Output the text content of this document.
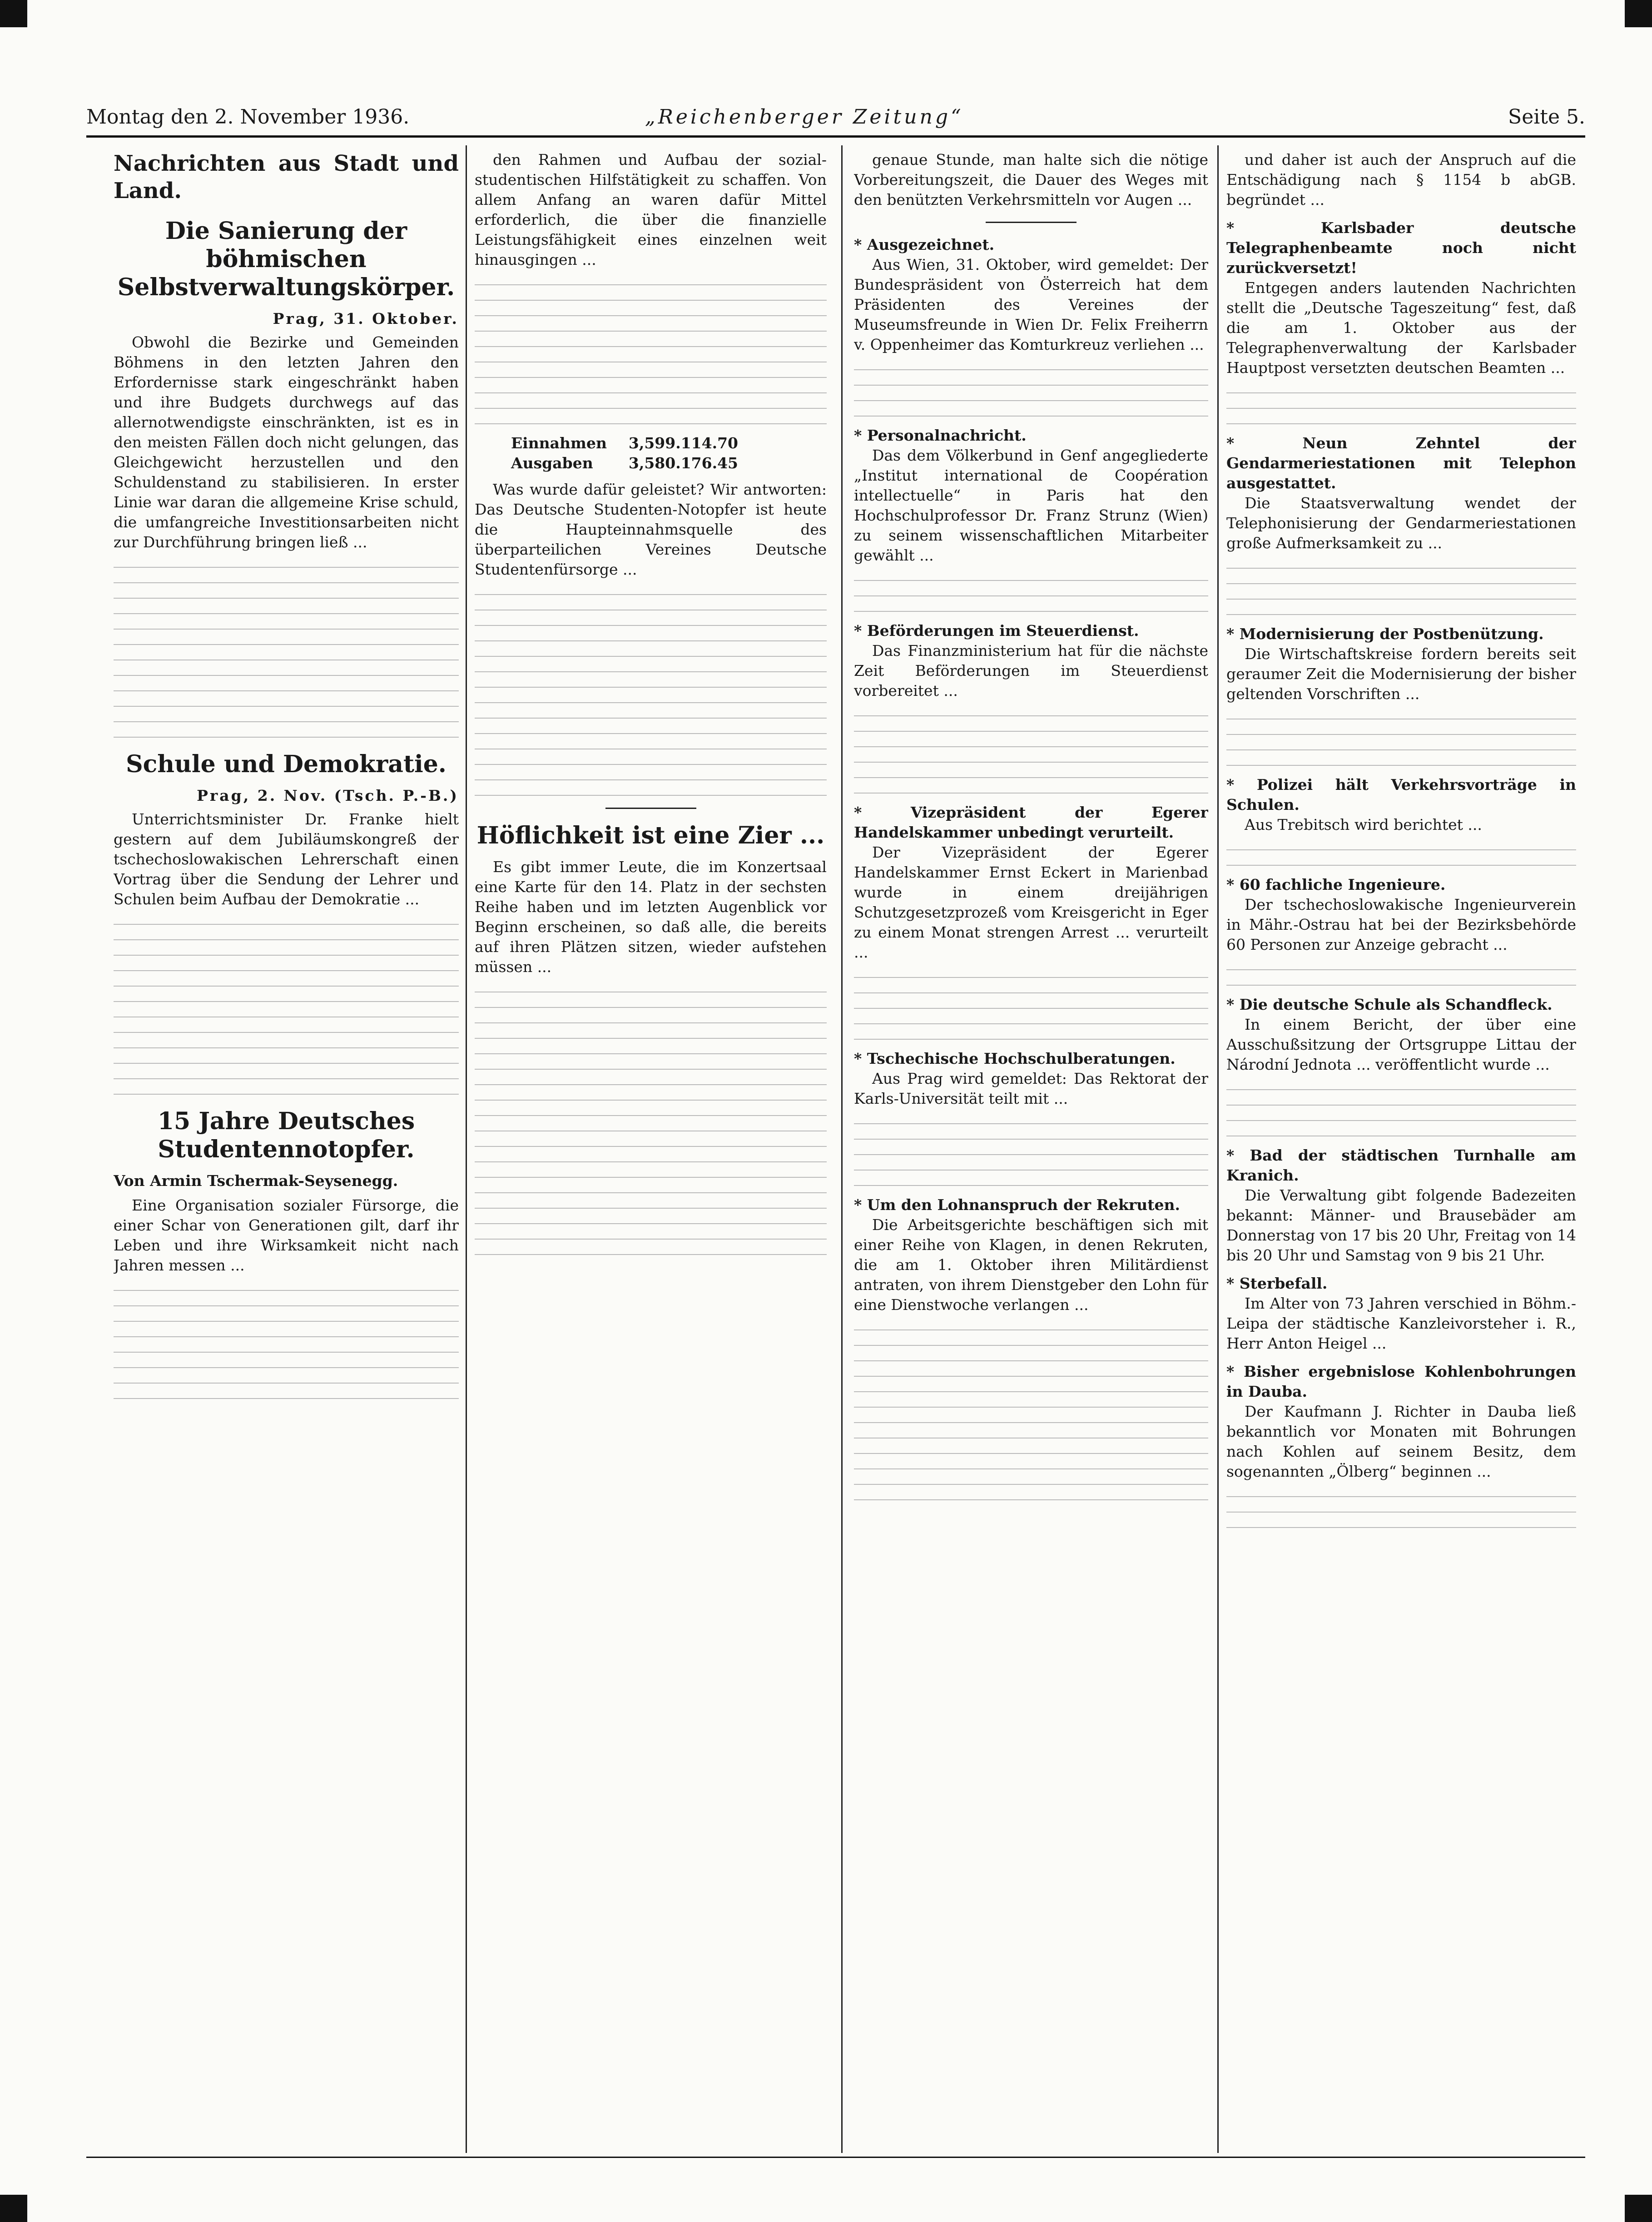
Montag den 2. November 1936.	„Reichenberger Zeitung“	Seite 5.
Nachrichten aus Stadt und Land.
Die Sanierung der böhmischen Selbstverwaltungskörper.
Prag, 31. Oktober.

Obwohl die Bezirke und Gemeinden Böhmens in den letzten Jahren den Erfordernisse stark eingeschränkt haben und ihre Budgets durchwegs auf das allernotwendigste einschränkten, ist es in den meisten Fällen doch nicht gelungen, das Gleichgewicht herzustellen und den Schuldenstand zu stabilisieren. In erster Linie war daran die allgemeine Krise schuld, die umfangreiche Investitionsarbeiten nicht zur Durchführung bringen ließ ...

Schule und Demokratie.
Prag, 2. Nov. (Tsch. P.-B.)

Unterrichtsminister Dr. Franke hielt gestern auf dem Jubiläumskongreß der tschechoslowakischen Lehrerschaft einen Vortrag über die Sendung der Lehrer und Schulen beim Aufbau der Demokratie ...

15 Jahre Deutsches Studentennotopfer.
Von Armin Tschermak-Seysenegg.

Eine Organisation sozialer Fürsorge, die einer Schar von Generationen gilt, darf ihr Leben und ihre Wirksamkeit nicht nach Jahren messen ...

den Rahmen und Aufbau der sozial-studentischen Hilfstätigkeit zu schaffen. Von allem Anfang an waren dafür Mittel erforderlich, die über die finanzielle Leistungsfähigkeit eines einzelnen weit hinausgingen ...

Einnahmen 3,599.114.70
Ausgaben 3,580.176.45

Was wurde dafür geleistet? Wir antworten: Das Deutsche Studenten-Notopfer ist heute die Haupteinnahmsquelle des überparteilichen Vereines Deutsche Studentenfürsorge ...

Höflichkeit ist eine Zier ...

Es gibt immer Leute, die im Konzertsaal eine Karte für den 14. Platz in der sechsten Reihe haben und im letzten Augenblick vor Beginn erscheinen, so daß alle, die bereits auf ihren Plätzen sitzen, wieder aufstehen müssen ...

genaue Stunde, man halte sich die nötige Vorbereitungszeit, die Dauer des Weges mit den benützten Verkehrsmitteln vor Augen ...

* Ausgezeichnet.

Aus Wien, 31. Oktober, wird gemeldet: Der Bundespräsident von Österreich hat dem Präsidenten des Vereines der Museumsfreunde in Wien Dr. Felix Freiherrn v. Oppenheimer das Komturkreuz verliehen ...

* Personalnachricht.

Das dem Völkerbund in Genf angegliederte „Institut international de Coopération intellectuelle“ in Paris hat den Hochschulprofessor Dr. Franz Strunz (Wien) zu seinem wissenschaftlichen Mitarbeiter gewählt ...

* Beförderungen im Steuerdienst.

Das Finanzministerium hat für die nächste Zeit Beförderungen im Steuerdienst vorbereitet ...

* Vizepräsident der Egerer Handelskammer unbedingt verurteilt.

Der Vizepräsident der Egerer Handelskammer Ernst Eckert in Marienbad wurde in einem dreijährigen Schutzgesetzprozeß vom Kreisgericht in Eger zu einem Monat strengen Arrest ... verurteilt ...

* Tschechische Hochschulberatungen.

Aus Prag wird gemeldet: Das Rektorat der Karls-Universität teilt mit ...

* Um den Lohnanspruch der Rekruten.

Die Arbeitsgerichte beschäftigen sich mit einer Reihe von Klagen, in denen Rekruten, die am 1. Oktober ihren Militärdienst antraten, von ihrem Dienstgeber den Lohn für eine Dienstwoche verlangen ...

und daher ist auch der Anspruch auf die Entschädigung nach § 1154 b abGB. begründet ...

* Karlsbader deutsche Telegraphenbeamte noch nicht zurückversetzt!

Entgegen anders lautenden Nachrichten stellt die „Deutsche Tageszeitung“ fest, daß die am 1. Oktober aus der Telegraphenverwaltung der Karlsbader Hauptpost versetzten deutschen Beamten ...

* Neun Zehntel der Gendarmeriestationen mit Telephon ausgestattet.

Die Staatsverwaltung wendet der Telephonisierung der Gendarmeriestationen große Aufmerksamkeit zu ...

* Modernisierung der Postbenützung.

Die Wirtschaftskreise fordern bereits seit geraumer Zeit die Modernisierung der bisher geltenden Vorschriften ...

* Polizei hält Verkehrsvorträge in Schulen.

Aus Trebitsch wird berichtet ...

* 60 fachliche Ingenieure.

Der tschechoslowakische Ingenieurverein in Mähr.-Ostrau hat bei der Bezirksbehörde 60 Personen zur Anzeige gebracht ...

* Die deutsche Schule als Schandfleck.

In einem Bericht, der über eine Ausschußsitzung der Ortsgruppe Littau der Národní Jednota ... veröffentlicht wurde ...

* Bad der städtischen Turnhalle am Kranich.

Die Verwaltung gibt folgende Badezeiten bekannt: Männer- und Brausebäder am Donnerstag von 17 bis 20 Uhr, Freitag von 14 bis 20 Uhr und Samstag von 9 bis 21 Uhr.

* Sterbefall.

Im Alter von 73 Jahren verschied in Böhm.-Leipa der städtische Kanzleivorsteher i. R., Herr Anton Heigel ...

* Bisher ergebnislose Kohlenbohrungen in Dauba.

Der Kaufmann J. Richter in Dauba ließ bekanntlich vor Monaten mit Bohrungen nach Kohlen auf seinem Besitz, dem sogenannten „Ölberg“ beginnen ...
